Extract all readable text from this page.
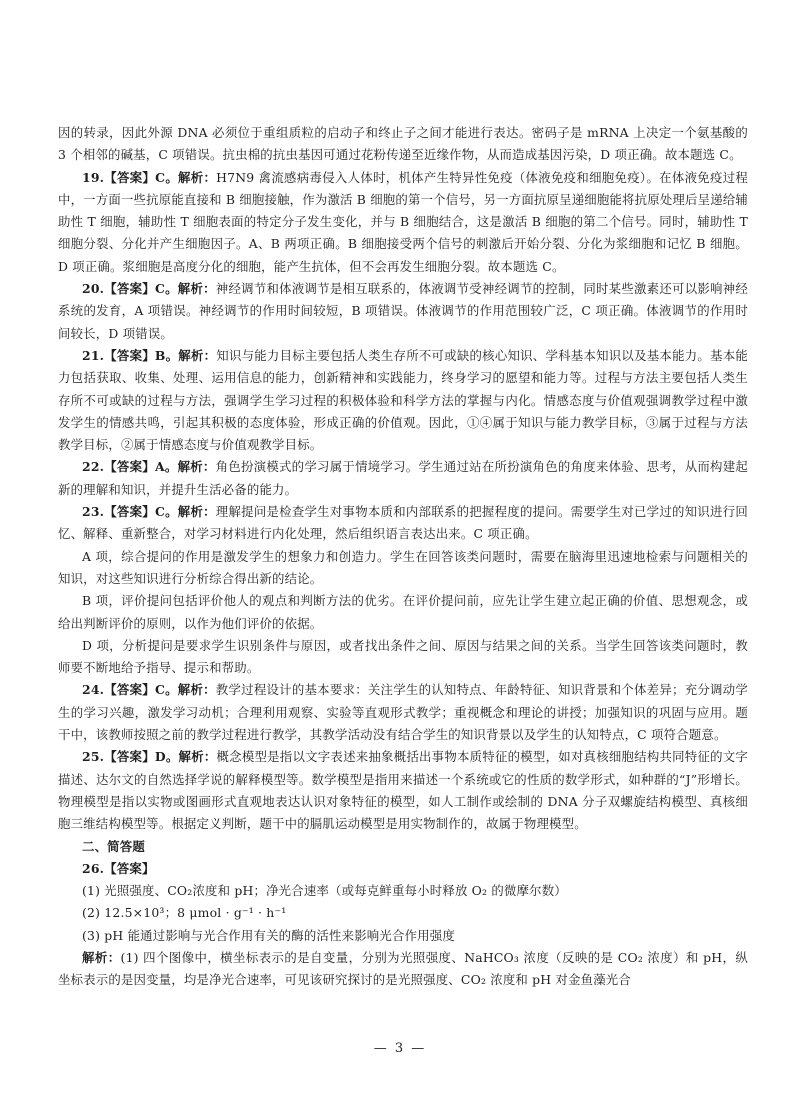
因的转录，因此外源 DNA 必须位于重组质粒的启动子和终止子之间才能进行表达。密码子是 mRNA 上决定一个氨基酸的 3 个相邻的碱基，C 项错误。抗虫棉的抗虫基因可通过花粉传递至近缘作物，从而造成基因污染，D 项正确。故本题选 C。

19.【答案】C。解析：H7N9 禽流感病毒侵入人体时，机体产生特异性免疫（体液免疫和细胞免疫）。在体液免疫过程中，一方面一些抗原能直接和 B 细胞接触，作为激活 B 细胞的第一个信号，另一方面抗原呈递细胞能将抗原处理后呈递给辅助性 T 细胞，辅助性 T 细胞表面的特定分子发生变化，并与 B 细胞结合，这是激活 B 细胞的第二个信号。同时，辅助性 T 细胞分裂、分化并产生细胞因子。A、B 两项正确。B 细胞接受两个信号的刺激后开始分裂、分化为浆细胞和记忆 B 细胞。D 项正确。浆细胞是高度分化的细胞，能产生抗体，但不会再发生细胞分裂。故本题选 C。

20.【答案】C。解析：神经调节和体液调节是相互联系的，体液调节受神经调节的控制，同时某些激素还可以影响神经系统的发育，A 项错误。神经调节的作用时间较短，B 项错误。体液调节的作用范围较广泛，C 项正确。体液调节的作用时间较长，D 项错误。

21.【答案】B。解析：知识与能力目标主要包括人类生存所不可或缺的核心知识、学科基本知识以及基本能力。基本能力包括获取、收集、处理、运用信息的能力，创新精神和实践能力，终身学习的愿望和能力等。过程与方法主要包括人类生存所不可或缺的过程与方法，强调学生学习过程的积极体验和科学方法的掌握与内化。情感态度与价值观强调教学过程中激发学生的情感共鸣，引起其积极的态度体验，形成正确的价值观。因此，①④属于知识与能力教学目标，③属于过程与方法教学目标，②属于情感态度与价值观教学目标。

22.【答案】A。解析：角色扮演模式的学习属于情境学习。学生通过站在所扮演角色的角度来体验、思考，从而构建起新的理解和知识，并提升生活必备的能力。

23.【答案】C。解析：理解提问是检查学生对事物本质和内部联系的把握程度的提问。需要学生对已学过的知识进行回忆、解释、重新整合，对学习材料进行内化处理，然后组织语言表达出来。C 项正确。

A 项，综合提问的作用是激发学生的想象力和创造力。学生在回答该类问题时，需要在脑海里迅速地检索与问题相关的知识，对这些知识进行分析综合得出新的结论。

B 项，评价提问包括评价他人的观点和判断方法的优劣。在评价提问前，应先让学生建立起正确的价值、思想观念，或给出判断评价的原则，以作为他们评价的依据。

D 项，分析提问是要求学生识别条件与原因，或者找出条件之间、原因与结果之间的关系。当学生回答该类问题时，教师要不断地给予指导、提示和帮助。

24.【答案】C。解析：教学过程设计的基本要求：关注学生的认知特点、年龄特征、知识背景和个体差异；充分调动学生的学习兴趣，激发学习动机；合理利用观察、实验等直观形式教学；重视概念和理论的讲授；加强知识的巩固与应用。题干中，该教师按照之前的教学过程进行教学，其教学活动没有结合学生的知识背景以及学生的认知特点，C 项符合题意。

25.【答案】D。解析：概念模型是指以文字表述来抽象概括出事物本质特征的模型，如对真核细胞结构共同特征的文字描述、达尔文的自然选择学说的解释模型等。数学模型是指用来描述一个系统或它的性质的数学形式，如种群的“J”形增长。物理模型是指以实物或图画形式直观地表达认识对象特征的模型，如人工制作或绘制的 DNA 分子双螺旋结构模型、真核细胞三维结构模型等。根据定义判断，题干中的膈肌运动模型是用实物制作的，故属于物理模型。

二、简答题

26.【答案】

(1) 光照强度、CO₂浓度和 pH；净光合速率（或每克鲜重每小时释放 O₂ 的微摩尔数）

(2) 12.5×10³；8 μmol · g⁻¹ · h⁻¹

(3) pH 能通过影响与光合作用有关的酶的活性来影响光合作用强度

解析：(1) 四个图像中，横坐标表示的是自变量，分别为光照强度、NaHCO₃ 浓度（反映的是 CO₂ 浓度）和 pH，纵坐标表示的是因变量，均是净光合速率，可见该研究探讨的是光照强度、CO₂ 浓度和 pH 对金鱼藻光合

— 3 —
